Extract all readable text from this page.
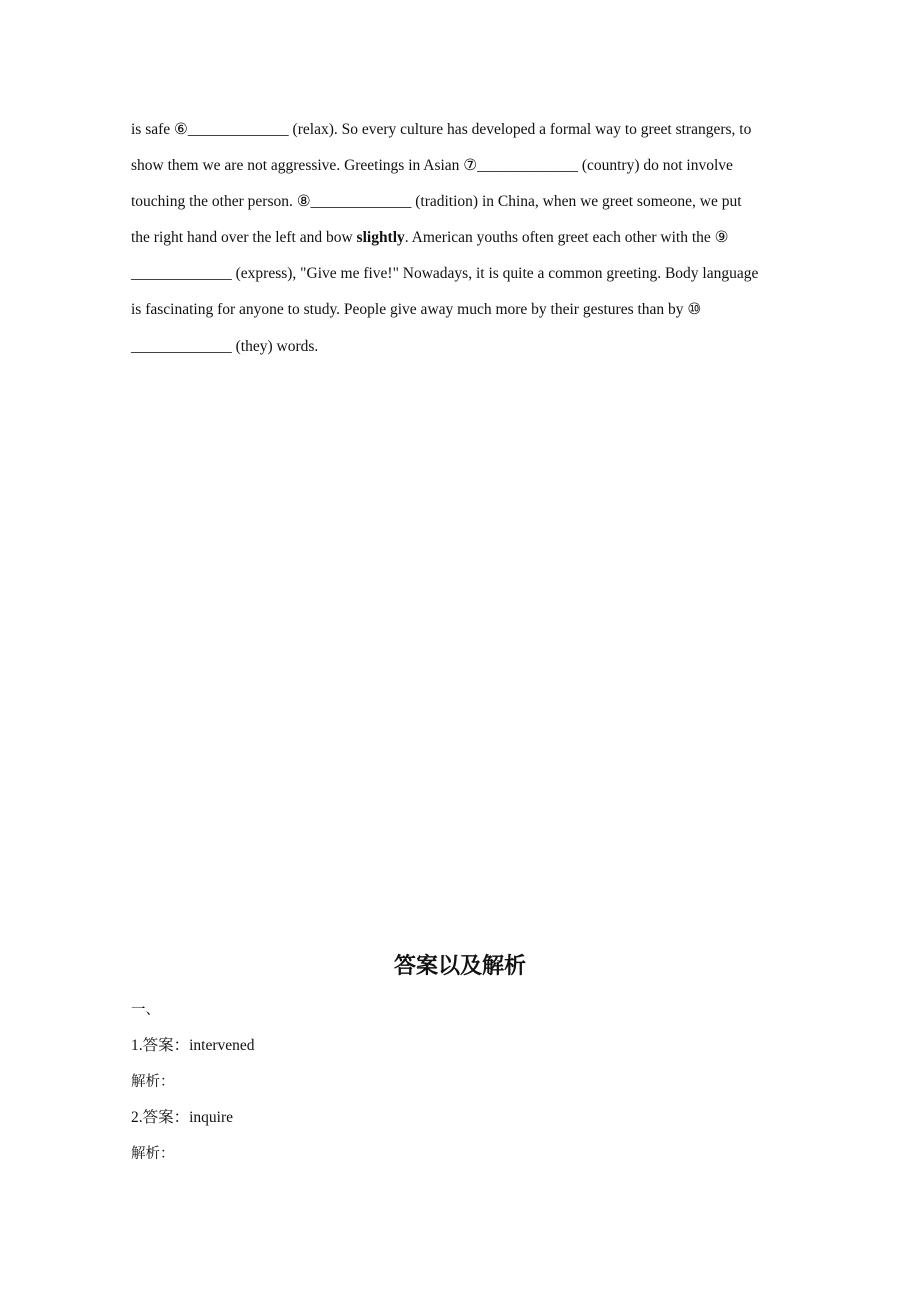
is safe ⑥_____________ (relax). So every culture has developed a formal way to greet strangers, to
show them we are not aggressive. Greetings in Asian ⑦_____________ (country) do not involve
touching the other person. ⑧_____________ (tradition) in China, when we greet someone, we put
the right hand over the left and bow slightly. American youths often greet each other with the ⑨
_____________ (express), "Give me five!" Nowadays, it is quite a common greeting. Body language
is fascinating for anyone to study. People give away much more by their gestures than by ⑩
_____________ (they) words.
答案以及解析
一、
1.答案：intervened
解析：
2.答案：inquire
解析：
